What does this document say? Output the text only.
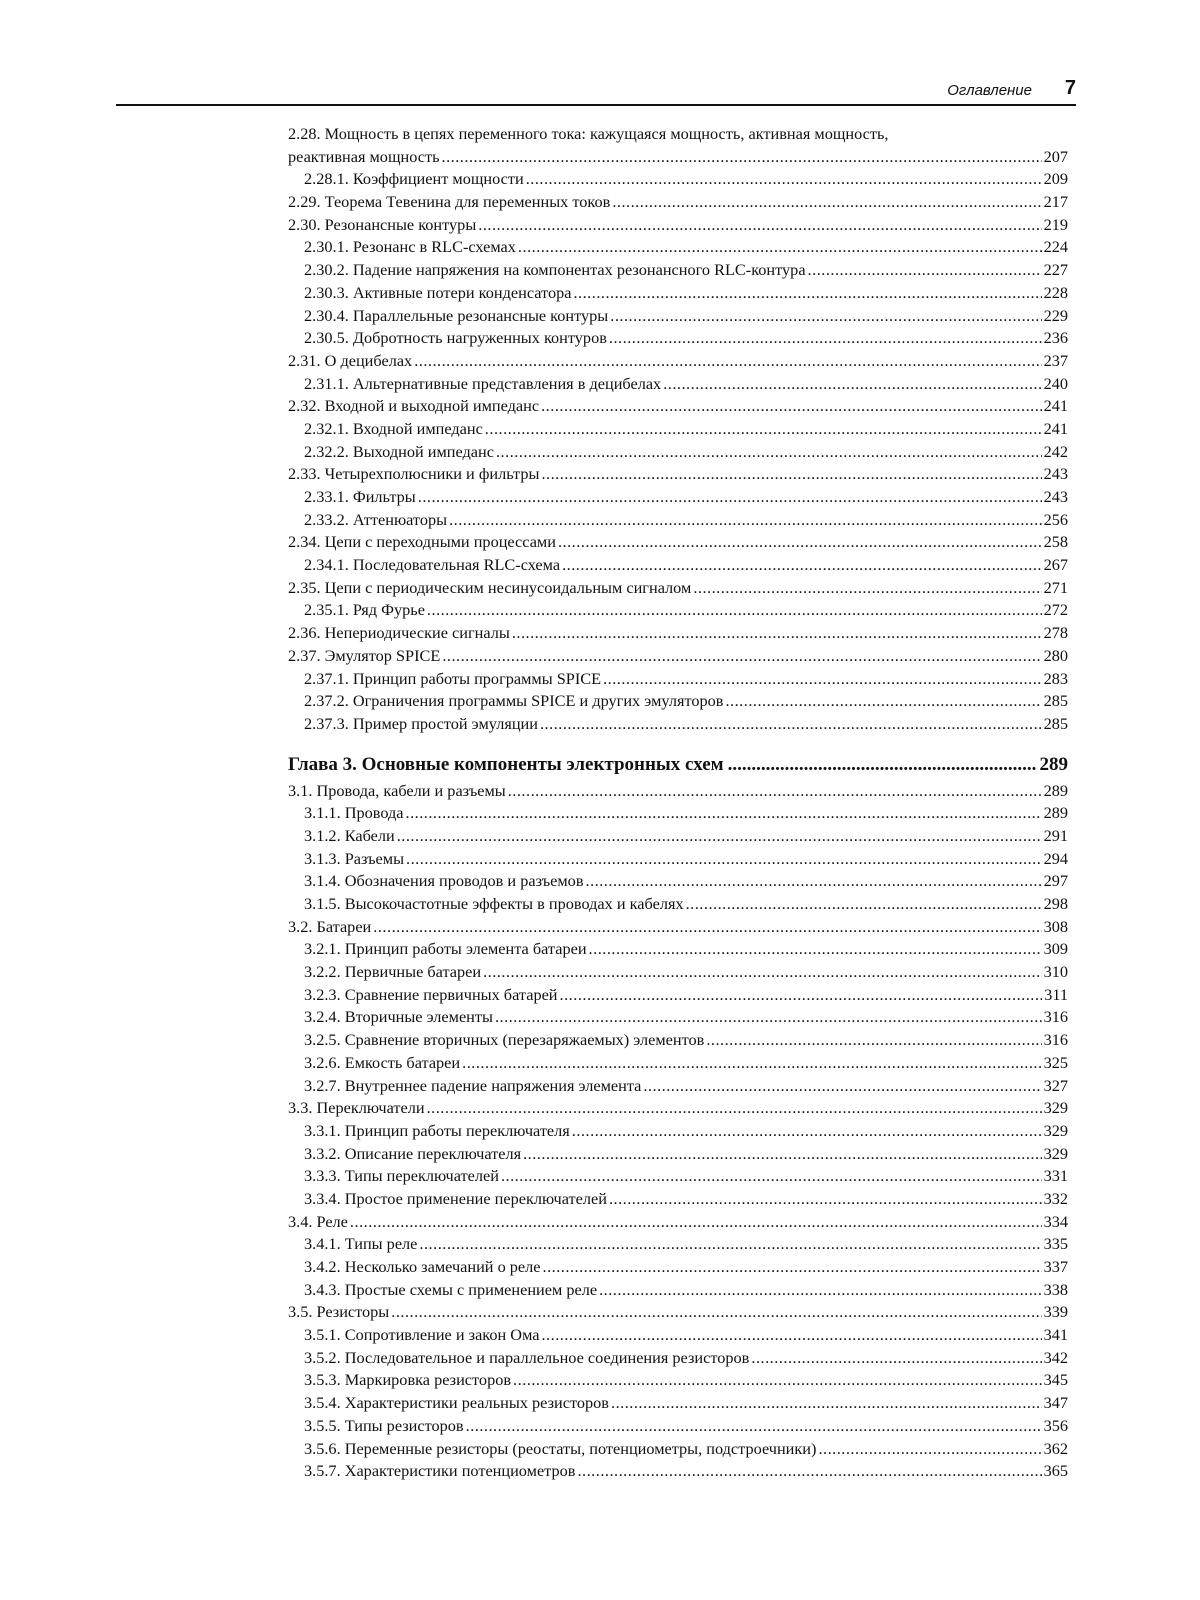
Оглавление 7
2.28. Мощность в цепях переменного тока: кажущаяся мощность, активная мощность,
реактивная мощность .....	207
2.28.1. Коэффициент мощности .....	209
2.29. Теорема Тевенина для переменных токов .....	217
2.30. Резонансные контуры .....	219
2.30.1. Резонанс в RLC-схемах .....	224
2.30.2. Падение напряжения на компонентах резонансного RLC-контура .....	227
2.30.3. Активные потери конденсатора .....	228
2.30.4. Параллельные резонансные контуры .....	229
2.30.5. Добротность нагруженных контуров .....	236
2.31. О децибелах .....	237
2.31.1. Альтернативные представления в децибелах .....	240
2.32. Входной и выходной импеданс .....	241
2.32.1. Входной импеданс .....	241
2.32.2. Выходной импеданс .....	242
2.33. Четырехполюсники и фильтры .....	243
2.33.1. Фильтры .....	243
2.33.2. Аттенюаторы .....	256
2.34. Цепи с переходными процессами .....	258
2.34.1. Последовательная RLC-схема .....	267
2.35. Цепи с периодическим несинусоидальным сигналом .....	271
2.35.1. Ряд Фурье .....	272
2.36. Непериодические сигналы .....	278
2.37. Эмулятор SPICE .....	280
2.37.1. Принцип работы программы SPICE .....	283
2.37.2. Ограничения программы SPICE и других эмуляторов .....	285
2.37.3. Пример простой эмуляции .....	285
Глава 3. Основные компоненты электронных схем .....	289
3.1. Провода, кабели и разъемы .....	289
3.1.1. Провода .....	289
3.1.2. Кабели .....	291
3.1.3. Разъемы .....	294
3.1.4. Обозначения проводов и разъемов .....	297
3.1.5. Высокочастотные эффекты в проводах и кабелях .....	298
3.2. Батареи .....	308
3.2.1. Принцип работы элемента батареи .....	309
3.2.2. Первичные батареи .....	310
3.2.3. Сравнение первичных батарей .....	311
3.2.4. Вторичные элементы .....	316
3.2.5. Сравнение вторичных (перезаряжаемых) элементов .....	316
3.2.6. Емкость батареи .....	325
3.2.7. Внутреннее падение напряжения элемента .....	327
3.3. Переключатели .....	329
3.3.1. Принцип работы переключателя .....	329
3.3.2. Описание переключателя .....	329
3.3.3. Типы переключателей .....	331
3.3.4. Простое применение переключателей .....	332
3.4. Реле .....	334
3.4.1. Типы реле .....	335
3.4.2. Несколько замечаний о реле .....	337
3.4.3. Простые схемы с применением реле .....	338
3.5. Резисторы .....	339
3.5.1. Сопротивление и закон Ома .....	341
3.5.2. Последовательное и параллельное соединения резисторов .....	342
3.5.3. Маркировка резисторов .....	345
3.5.4. Характеристики реальных резисторов .....	347
3.5.5. Типы резисторов .....	356
3.5.6. Переменные резисторы (реостаты, потенциометры, подстроечники) .....	362
3.5.7. Характеристики потенциометров .....	365
